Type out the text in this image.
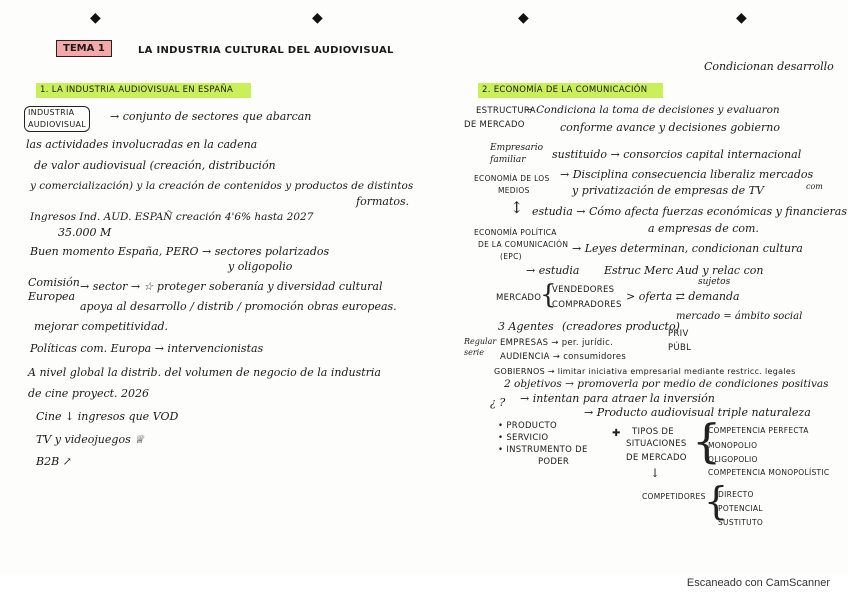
◆	◆	◆	◆
TEMA 1	LA INDUSTRIA CULTURAL DEL AUDIOVISUAL
Condicionan desarrollo
1. LA INDUSTRIA AUDIOVISUAL EN ESPAÑA
INDUSTRIA
AUDIOVISUAL
→ conjunto de sectores que abarcan
las actividades involucradas en la cadena
de valor audiovisual (creación, distribución
y comercialización) y la creación de contenidos y productos de distintos
formatos.
Ingresos Ind. AUD. ESPAÑ creación 4'6% hasta 2027
35.000 M
Buen momento España, PERO → sectores polarizados
y oligopolio
Comisión
Europea
→ sector → ☆ proteger soberanía y diversidad cultural
apoya al desarrollo / distrib / promoción obras europeas.
mejorar competitividad.
Políticas com. Europa → intervencionistas
A nivel global la distrib. del volumen de negocio de la industria
de cine proyect. 2026
Cine ↓ ingresos que VOD
TV y videojuegos ♕
B2B ↗
2. ECONOMÍA DE LA COMUNICACIÓN
ESTRUCTURA
DE MERCADO
→ Condiciona la toma de decisiones y evaluaron
conforme avance y decisiones gobierno
Empresario
familiar sustituido → consorcios capital internacional
ECONOMÍA DE LOS
MEDIOS
→ Disciplina consecuencia liberaliz mercados
y privatización de empresas de TV	com
↕ estudia → Cómo afecta fuerzas económicas y financieras
a empresas de com.
ECONOMÍA POLÍTICA
DE LA COMUNICACIÓN
(EPC)
→ Leyes determinan, condicionan cultura
→ estudia Estruc Merc Aud y relac con
sujetos
MERCADO
{
VENDEDORES
COMPRADORES
> oferta ⇄ demanda
mercado = ámbito social
3 Agentes (creadores producto)
Regular
serie
EMPRESAS → per. jurídic.
PRIV
PÚBL
AUDIENCIA → consumidores
GOBIERNOS → limitar iniciativa empresarial mediante restricc. legales
2 objetivos → promoverla por medio de condiciones positivas
→ intentan para atraer la inversión
¿ ?
→ Producto audiovisual triple naturaleza
• PRODUCTO
• SERVICIO
• INSTRUMENTO DE
PODER
✚ TIPOS DE
SITUACIONES
DE MERCADO {
COMPETENCIA PERFECTA
MONOPOLIO
OLIGOPOLIO
COMPETENCIA MONOPOLÍSTIC
↓
COMPETIDORES
{
DIRECTO
POTENCIAL
SUSTITUTO
Escaneado con CamScanner
